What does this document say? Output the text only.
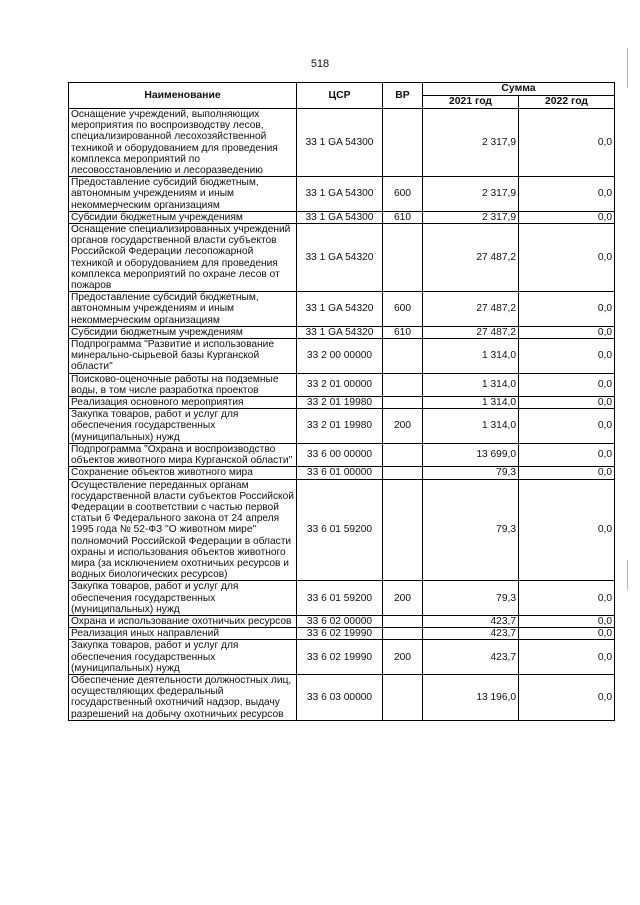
518
Наименование	ЦСР	ВР	Сумма	
			2021 год	2022 год
Оснащение учреждений, выполняющих мероприятия по воспроизводству лесов, специализированной лесохозяйственной техникой и оборудованием для проведения комплекса мероприятий по лесовосстановлению и лесоразведению	33 1 GA 54300		2 317,9	0,0
Предоставление субсидий бюджетным, автономным учреждениям и иным некоммерческим организациям	33 1 GA 54300	600	2 317,9	0,0
Субсидии бюджетным учреждениям	33 1 GA 54300	610	2 317,9	0,0
Оснащение специализированных учреждений органов государственной власти субъектов Российской Федерации лесопожарной техникой и оборудованием для проведения комплекса мероприятий по охране лесов от пожаров	33 1 GA 54320		27 487,2	0,0
Предоставление субсидий бюджетным, автономным учреждениям и иным некоммерческим организациям	33 1 GA 54320	600	27 487,2	0,0
Субсидии бюджетным учреждениям	33 1 GA 54320	610	27 487,2	0,0
Подпрограмма "Развитие и использование минерально-сырьевой базы Курганской области"	33 2 00 00000		1 314,0	0,0
Поисково-оценочные работы на подземные воды, в том числе разработка проектов	33 2 01 00000		1 314,0	0,0
Реализация основного мероприятия	33 2 01 19980		1 314,0	0,0
Закупка товаров, работ и услуг для обеспечения государственных (муниципальных) нужд	33 2 01 19980	200	1 314,0	0,0
Подпрограмма "Охрана и воспроизводство объектов животного мира Курганской области"	33 6 00 00000		13 699,0	0,0
Сохранение объектов животного мира	33 6 01 00000		79,3	0,0
Осуществление переданных органам государственной власти субъектов Российской Федерации в соответствии с частью первой статьи 6 Федерального закона от 24 апреля 1995 года № 52-ФЗ "О животном мире" полномочий Российской Федерации в области охраны и использования объектов животного мира (за исключением охотничьих ресурсов и водных биологических ресурсов)	33 6 01 59200		79,3	0,0
Закупка товаров, работ и услуг для обеспечения государственных (муниципальных) нужд	33 6 01 59200	200	79,3	0,0
Охрана и использование охотничьих ресурсов	33 6 02 00000		423,7	0,0
Реализация иных направлений	33 6 02 19990		423,7	0,0
Закупка товаров, работ и услуг для обеспечения государственных (муниципальных) нужд	33 6 02 19990	200	423,7	0,0
Обеспечение деятельности должностных лиц, осуществляющих федеральный государственный охотничий надзор, выдачу разрешений на добычу охотничьих ресурсов	33 6 03 00000		13 196,0	0,0
